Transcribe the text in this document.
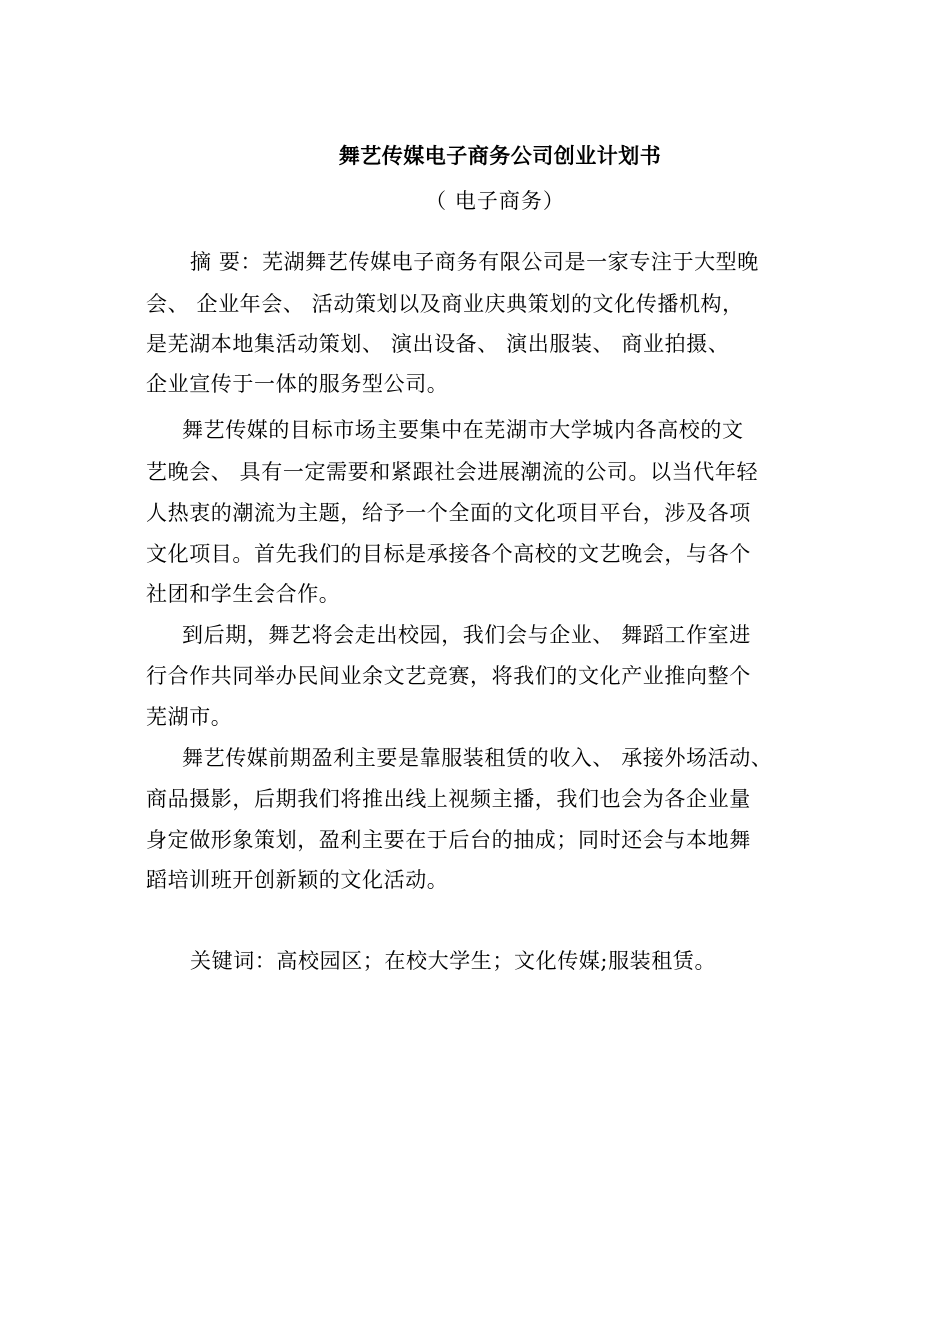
舞艺传媒电子商务公司创业计划书
（ 电子商务）
摘 要：芜湖舞艺传媒电子商务有限公司是一家专注于大型晚
会、 企业年会、 活动策划以及商业庆典策划的文化传播机构，
是芜湖本地集活动策划、 演出设备、 演出服装、 商业拍摄、
企业宣传于一体的服务型公司。
舞艺传媒的目标市场主要集中在芜湖市大学城内各高校的文
艺晚会、 具有一定需要和紧跟社会进展潮流的公司。以当代年轻
人热衷的潮流为主题，给予一个全面的文化项目平台，涉及各项
文化项目。首先我们的目标是承接各个高校的文艺晚会，与各个
社团和学生会合作。
到后期，舞艺将会走出校园，我们会与企业、 舞蹈工作室进
行合作共同举办民间业余文艺竞赛，将我们的文化产业推向整个
芜湖市。
舞艺传媒前期盈利主要是靠服装租赁的收入、 承接外场活动、
商品摄影，后期我们将推出线上视频主播，我们也会为各企业量
身定做形象策划，盈利主要在于后台的抽成；同时还会与本地舞
蹈培训班开创新颖的文化活动。
关键词：高校园区；在校大学生；文化传媒;服装租赁。
